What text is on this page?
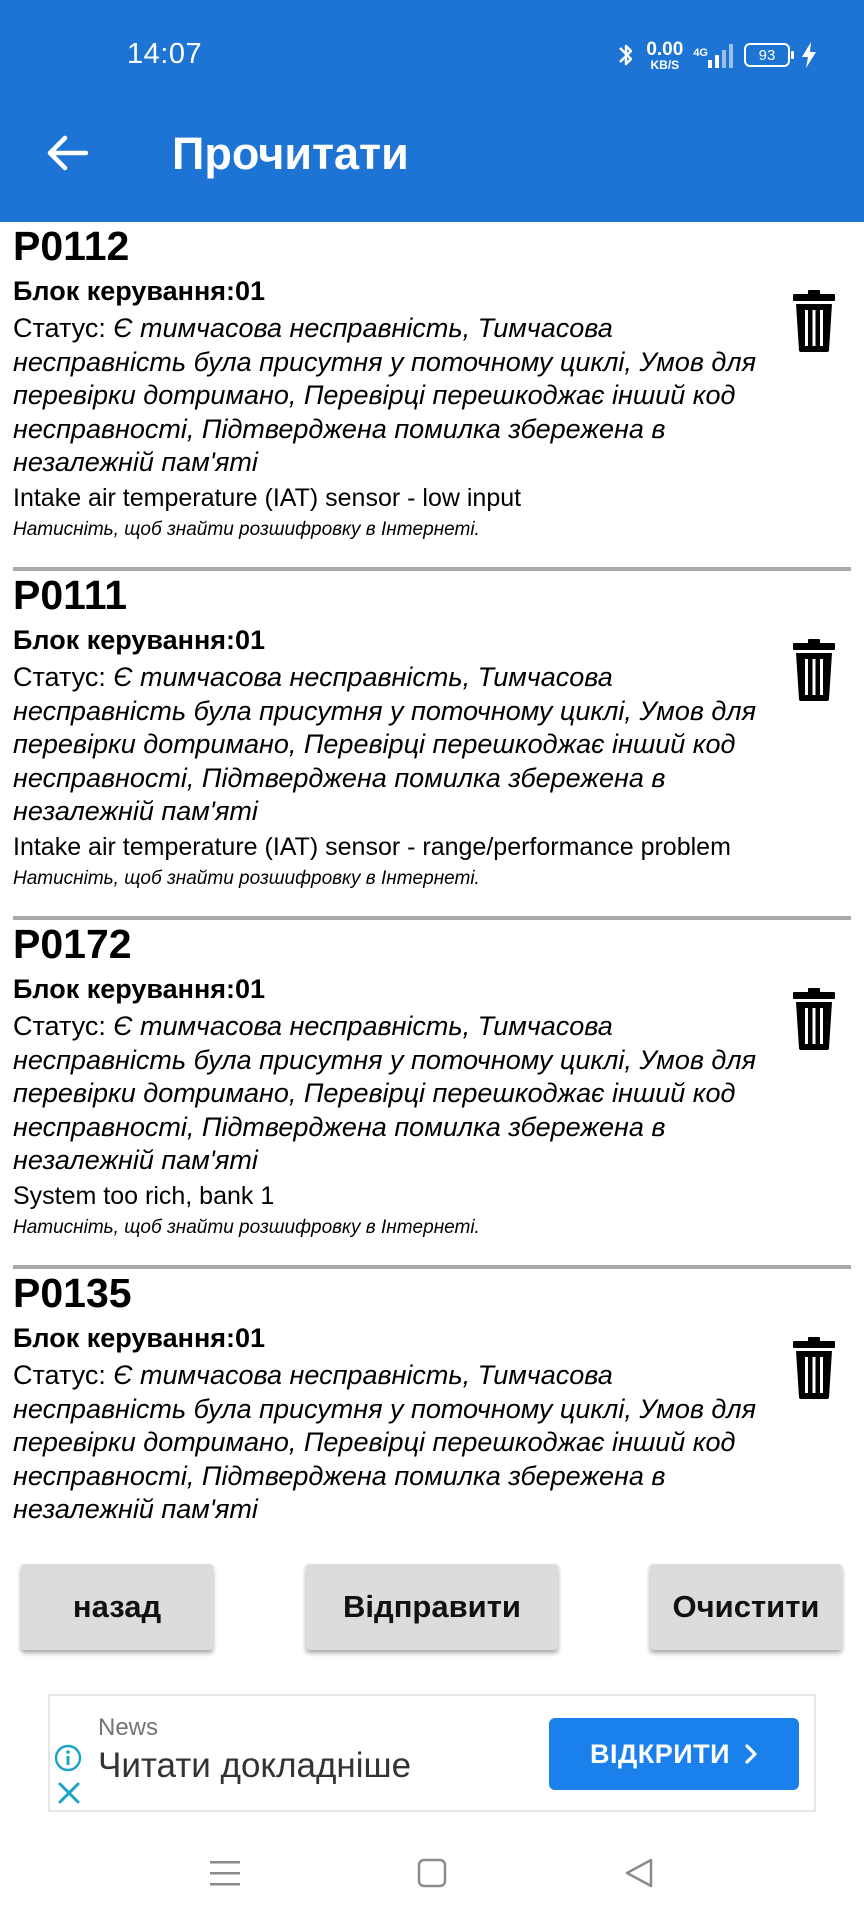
14:07	0.00
KB/S
4G	93
Прочитати
P0112
Блок керування:01
Статус: Є тимчасова несправність, Тимчасова несправність була присутня у поточному циклі, Умов для перевірки дотримано, Перевірці перешкоджає інший код несправності, Підтверджена помилка збережена в незалежній пам'яті
Intake air temperature (IAT) sensor - low input
Натисніть, щоб знайти розшифровку в Інтернеті.
P0111
Блок керування:01
Статус: Є тимчасова несправність, Тимчасова несправність була присутня у поточному циклі, Умов для перевірки дотримано, Перевірці перешкоджає інший код несправності, Підтверджена помилка збережена в незалежній пам'яті
Intake air temperature (IAT) sensor - range/performance problem
Натисніть, щоб знайти розшифровку в Інтернеті.
P0172
Блок керування:01
Статус: Є тимчасова несправність, Тимчасова несправність була присутня у поточному циклі, Умов для перевірки дотримано, Перевірці перешкоджає інший код несправності, Підтверджена помилка збережена в незалежній пам'яті
System too rich, bank 1
Натисніть, щоб знайти розшифровку в Інтернеті.
P0135
Блок керування:01
Статус: Є тимчасова несправність, Тимчасова несправність була присутня у поточному циклі, Умов для перевірки дотримано, Перевірці перешкоджає інший код несправності, Підтверджена помилка збережена в незалежній пам'яті
назад	Відправити	Очистити
News
Читати докладніше	ВІДКРИТИ
